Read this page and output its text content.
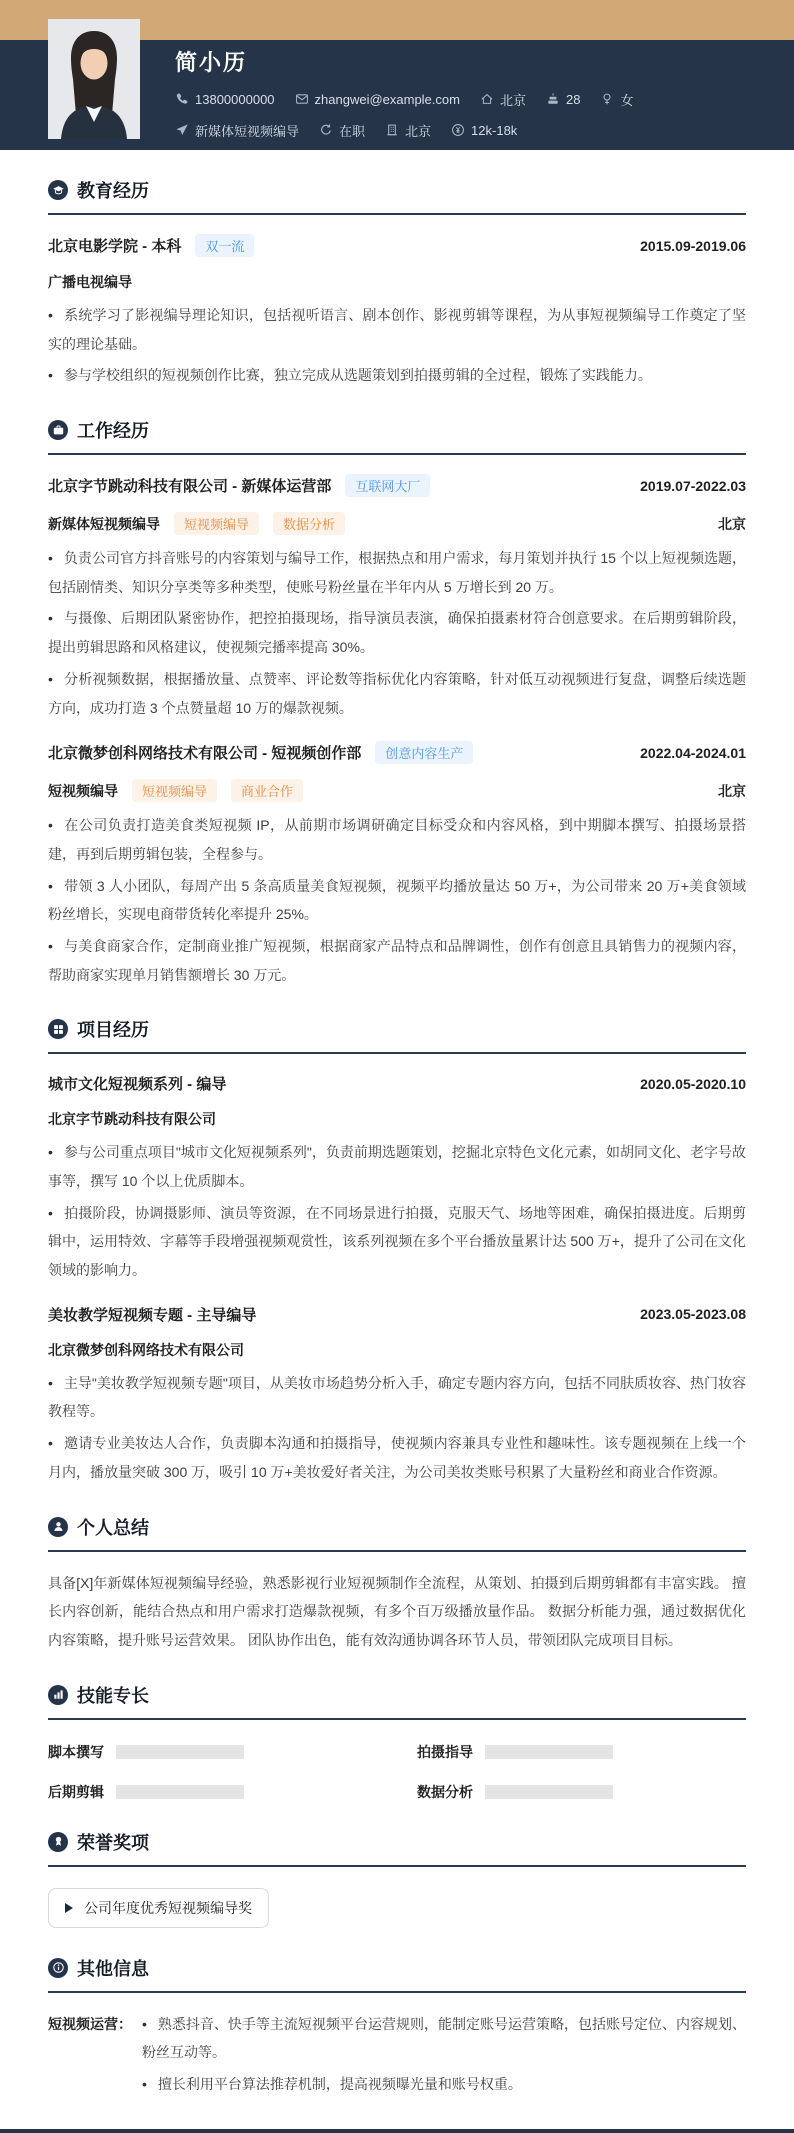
简小历
13800000000	zhangwei@example.com	北京	28	女
新媒体短视频编导	在职	北京	12k-18k
教育经历
北京电影学院 - 本科	双一流	2015.09-2019.06
广播电视编导
• 系统学习了影视编导理论知识，包括视听语言、剧本创作、影视剪辑等课程，为从事短视频编导工作奠定了坚实的理论基础。
• 参与学校组织的短视频创作比赛，独立完成从选题策划到拍摄剪辑的全过程，锻炼了实践能力。
工作经历
北京字节跳动科技有限公司 - 新媒体运营部	互联网大厂	2019.07-2022.03
新媒体短视频编导	短视频编导	数据分析	北京
• 负责公司官方抖音账号的内容策划与编导工作，根据热点和用户需求，每月策划并执行 15 个以上短视频选题，包括剧情类、知识分享类等多种类型，使账号粉丝量在半年内从 5 万增长到 20 万。
• 与摄像、后期团队紧密协作，把控拍摄现场，指导演员表演，确保拍摄素材符合创意要求。在后期剪辑阶段，提出剪辑思路和风格建议，使视频完播率提高 30%。
• 分析视频数据，根据播放量、点赞率、评论数等指标优化内容策略，针对低互动视频进行复盘，调整后续选题方向，成功打造 3 个点赞量超 10 万的爆款视频。
北京微梦创科网络技术有限公司 - 短视频创作部	创意内容生产	2022.04-2024.01
短视频编导	短视频编导	商业合作	北京
• 在公司负责打造美食类短视频 IP，从前期市场调研确定目标受众和内容风格，到中期脚本撰写、拍摄场景搭建，再到后期剪辑包装，全程参与。
• 带领 3 人小团队，每周产出 5 条高质量美食短视频，视频平均播放量达 50 万+，为公司带来 20 万+美食领域粉丝增长，实现电商带货转化率提升 25%。
• 与美食商家合作，定制商业推广短视频，根据商家产品特点和品牌调性，创作有创意且具销售力的视频内容，帮助商家实现单月销售额增长 30 万元。
项目经历
城市文化短视频系列 - 编导	2020.05-2020.10
北京字节跳动科技有限公司
• 参与公司重点项目"城市文化短视频系列"，负责前期选题策划，挖掘北京特色文化元素，如胡同文化、老字号故事等，撰写 10 个以上优质脚本。
• 拍摄阶段，协调摄影师、演员等资源，在不同场景进行拍摄，克服天气、场地等困难，确保拍摄进度。后期剪辑中，运用特效、字幕等手段增强视频观赏性，该系列视频在多个平台播放量累计达 500 万+，提升了公司在文化领域的影响力。
美妆教学短视频专题 - 主导编导	2023.05-2023.08
北京微梦创科网络技术有限公司
• 主导"美妆教学短视频专题"项目，从美妆市场趋势分析入手，确定专题内容方向，包括不同肤质妆容、热门妆容教程等。
• 邀请专业美妆达人合作，负责脚本沟通和拍摄指导，使视频内容兼具专业性和趣味性。该专题视频在上线一个月内，播放量突破 300 万，吸引 10 万+美妆爱好者关注，为公司美妆类账号积累了大量粉丝和商业合作资源。
个人总结

具备[X]年新媒体短视频编导经验，熟悉影视行业短视频制作全流程，从策划、拍摄到后期剪辑都有丰富实践。 擅长内容创新，能结合热点和用户需求打造爆款视频，有多个百万级播放量作品。 数据分析能力强，通过数据优化内容策略，提升账号运营效果。 团队协作出色，能有效沟通协调各环节人员，带领团队完成项目目标。

技能专长
脚本撰写	拍摄指导
后期剪辑	数据分析
荣誉奖项
公司年度优秀短视频编导奖
其他信息
短视频运营：	• 熟悉抖音、快手等主流短视频平台运营规则，能制定账号运营策略，包括账号定位、内容规划、粉丝互动等。
• 擅长利用平台算法推荐机制，提高视频曝光量和账号权重。
